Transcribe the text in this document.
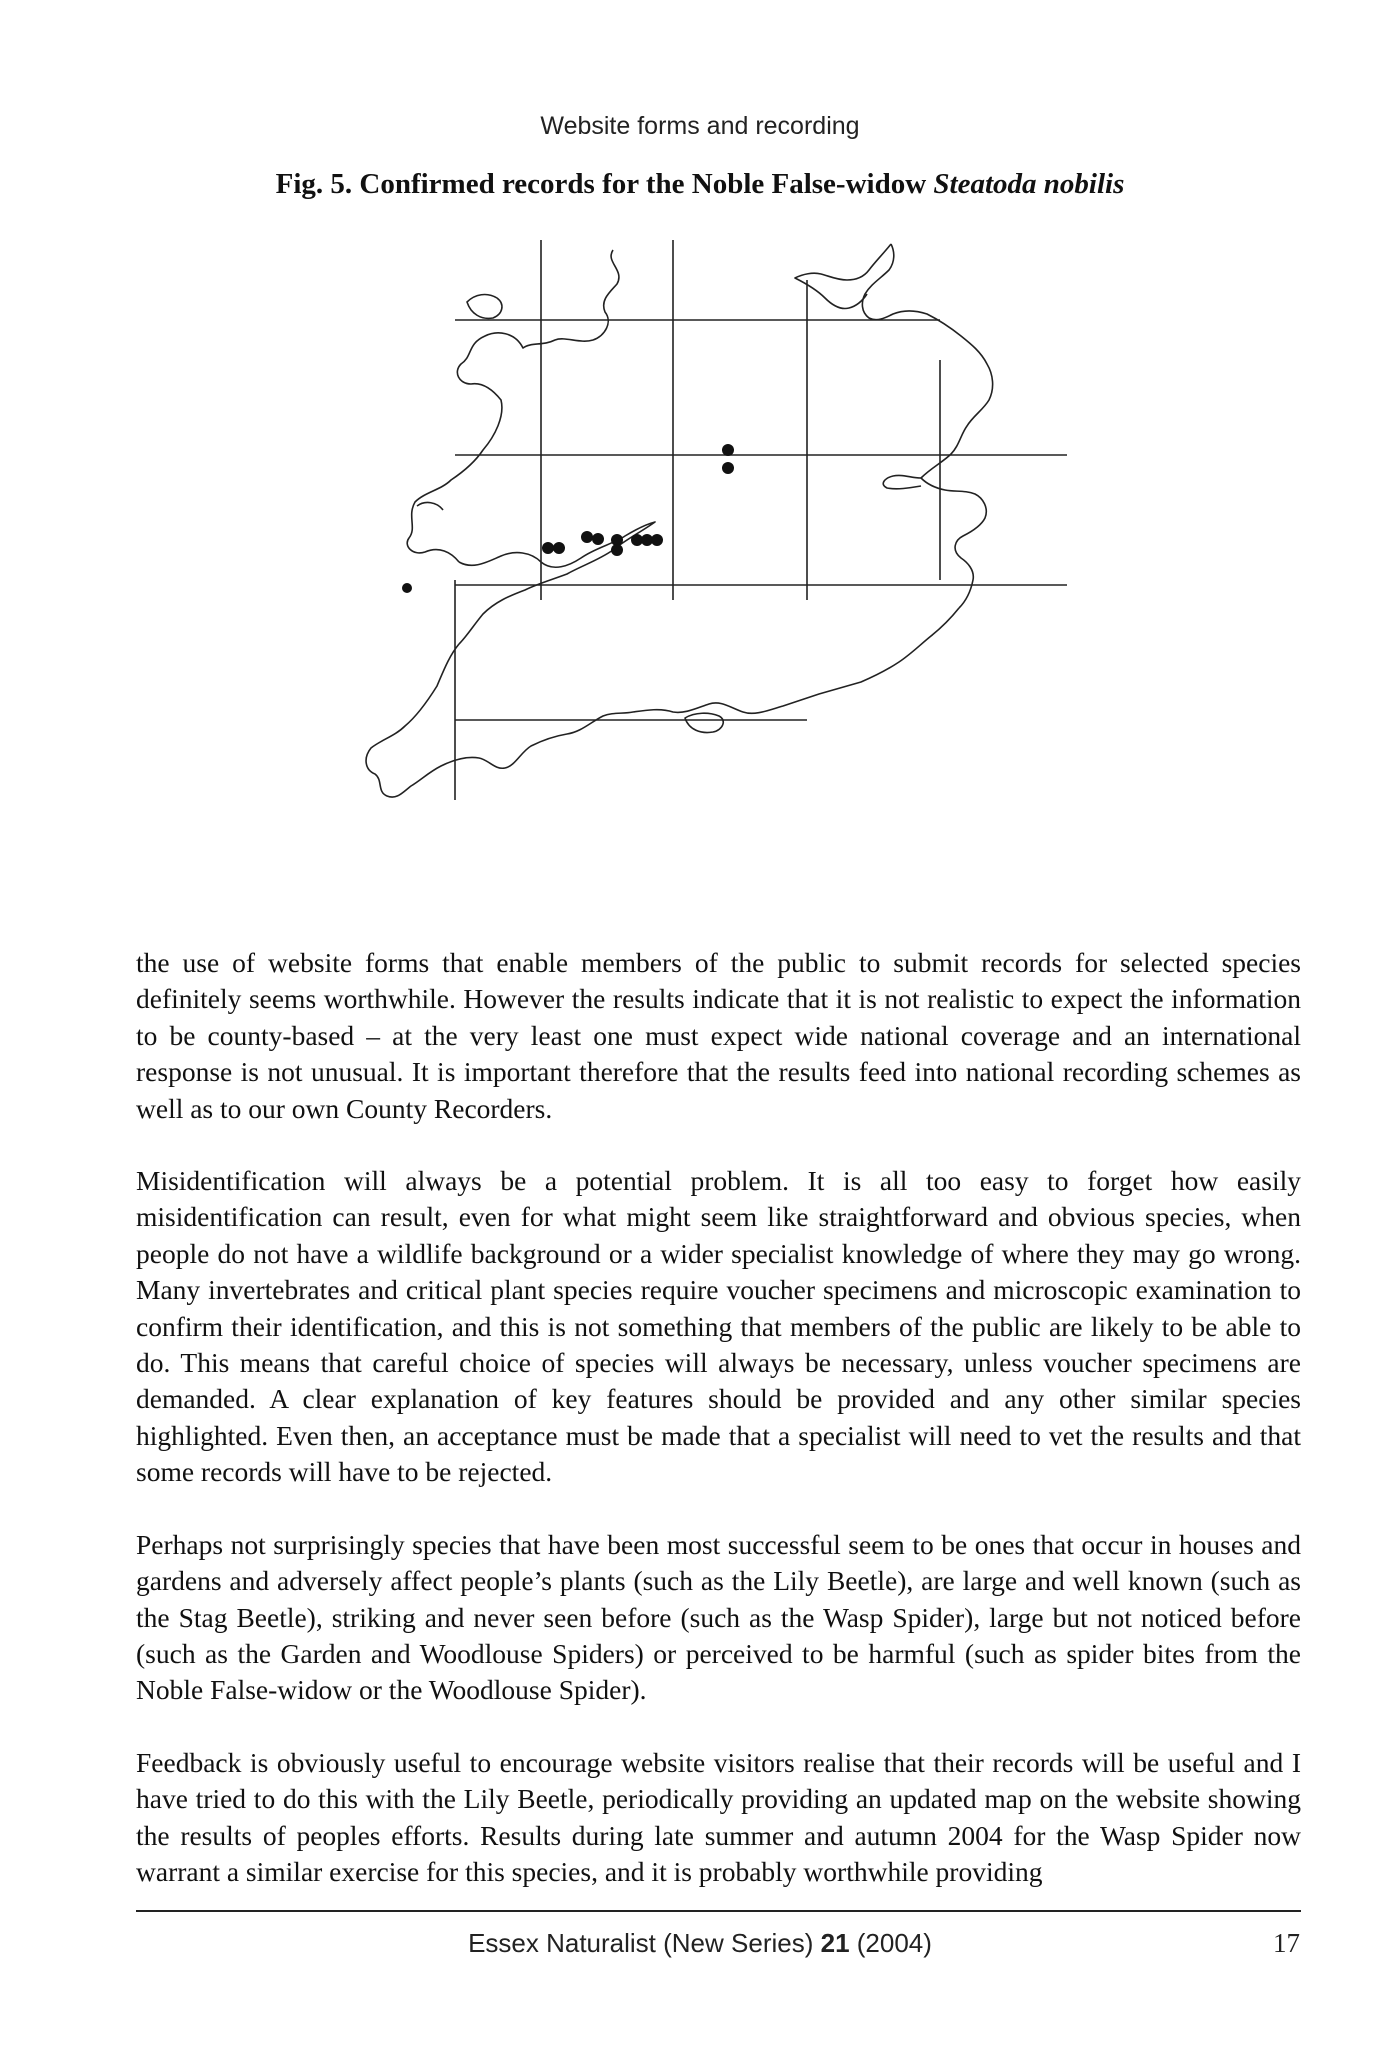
Website forms and recording
Fig. 5. Confirmed records for the Noble False-widow Steatoda nobilis

the use of website forms that enable members of the public to submit records for selected species definitely seems worthwhile. However the results indicate that it is not realistic to expect the information to be county-based – at the very least one must expect wide national coverage and an international response is not unusual. It is important therefore that the results feed into national recording schemes as well as to our own County Recorders.

Misidentification will always be a potential problem. It is all too easy to forget how easily misidentification can result, even for what might seem like straightforward and obvious species, when people do not have a wildlife background or a wider specialist knowledge of where they may go wrong. Many invertebrates and critical plant species require voucher specimens and microscopic examination to confirm their identification, and this is not something that members of the public are likely to be able to do. This means that careful choice of species will always be necessary, unless voucher specimens are demanded. A clear explanation of key features should be provided and any other similar species highlighted. Even then, an acceptance must be made that a specialist will need to vet the results and that some records will have to be rejected.

Perhaps not surprisingly species that have been most successful seem to be ones that occur in houses and gardens and adversely affect people’s plants (such as the Lily Beetle), are large and well known (such as the Stag Beetle), striking and never seen before (such as the Wasp Spider), large but not noticed before (such as the Garden and Woodlouse Spiders) or perceived to be harmful (such as spider bites from the Noble False-widow or the Woodlouse Spider).

Feedback is obviously useful to encourage website visitors realise that their records will be useful and I have tried to do this with the Lily Beetle, periodically providing an updated map on the website showing the results of peoples efforts. Results during late summer and autumn 2004 for the Wasp Spider now warrant a similar exercise for this species, and it is probably worthwhile providing

Essex Naturalist (New Series) 21 (2004)	17
